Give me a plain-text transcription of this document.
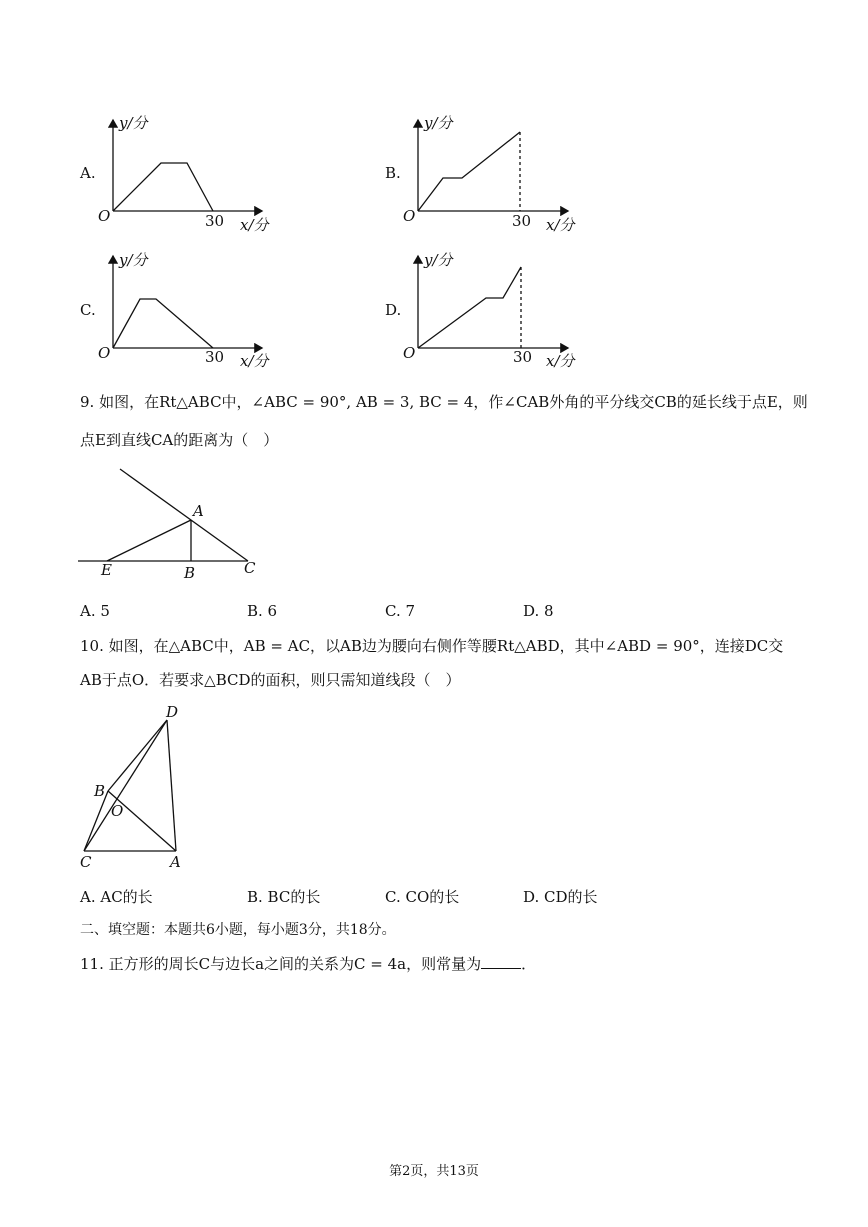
A.
y/分
O	30 x/分
B.
y/分
O	30 x/分
C.
y/分
O	30 x/分
D.
y/分
O	30 x/分
9. 如图，在Rt△ABC中，∠ABC = 90°, AB = 3, BC = 4，作∠CAB外角的平分线交CB的延长线于点E，则
点E到直线CA的距离为（　）
A
B	C
E
A. 5	B. 6	C. 7	D. 8
10. 如图，在△ABC中，AB = AC，以AB边为腰向右侧作等腰Rt△ABD，其中∠ABD = 90°，连接DC交
AB于点O．若要求△BCD的面积，则只需知道线段（　）
D
B
O
C	A
A. AC的长	B. BC的长	C. CO的长	D. CD的长
二、填空题：本题共6小题，每小题3分，共18分。
11. 正方形的周长C与边长a之间的关系为C = 4a，则常量为	．
第2页，共13页
